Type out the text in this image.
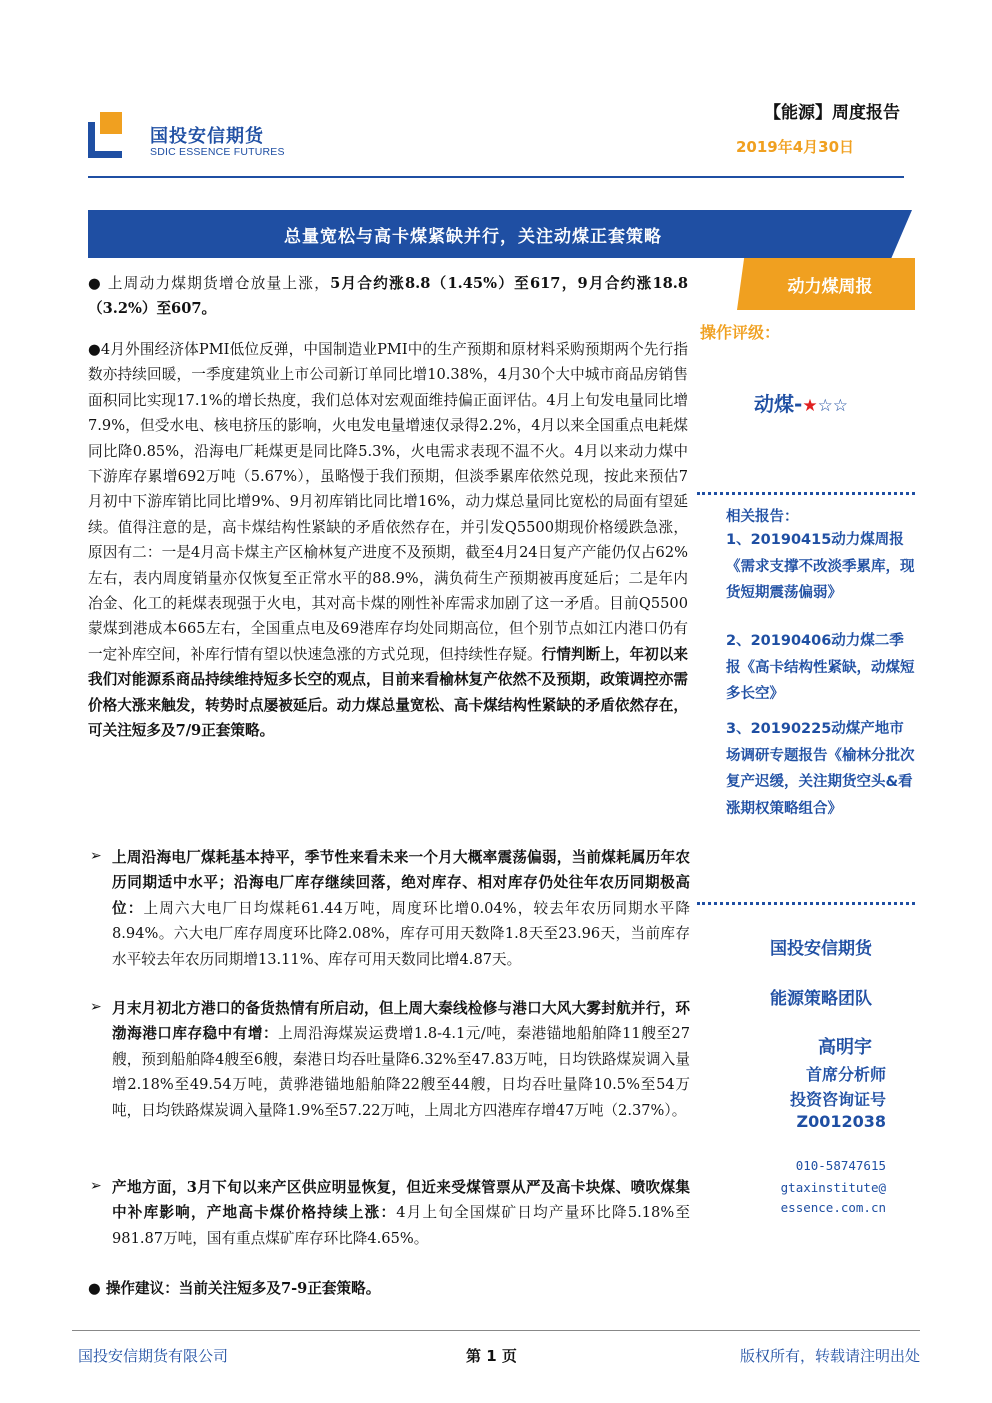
国投安信期货
SDIC ESSENCE FUTURES
【能源】周度报告
2019年4月30日
总量宽松与高卡煤紧缺并行，关注动煤正套策略
动力煤周报
操作评级：
动煤-★☆☆
相关报告：
1、20190415动力煤周报《需求支撑不改淡季累库，现货短期震荡偏弱》
2、20190406动力煤二季报《高卡结构性紧缺，动煤短多长空》
3、20190225动煤产地市场调研专题报告《榆林分批次复产迟缓，关注期货空头&看涨期权策略组合》
国投安信期货
能源策略团队
高明宇
首席分析师
投资咨询证号
Z0012038
010-58747615
gtaxinstitute@
essence.com.cn
● 上周动力煤期货增仓放量上涨，5月合约涨8.8（1.45%）至617，9月合约涨18.8（3.2%）至607。
●4月外围经济体PMI低位反弹，中国制造业PMI中的生产预期和原材料采购预期两个先行指数亦持续回暖，一季度建筑业上市公司新订单同比增10.38%，4月30个大中城市商品房销售面积同比实现17.1%的增长热度，我们总体对宏观面维持偏正面评估。4月上旬发电量同比增7.9%，但受水电、核电挤压的影响，火电发电量增速仅录得2.2%，4月以来全国重点电耗煤同比降0.85%，沿海电厂耗煤更是同比降5.3%，火电需求表现不温不火。4月以来动力煤中下游库存累增692万吨（5.67%），虽略慢于我们预期，但淡季累库依然兑现，按此来预估7月初中下游库销比同比增9%、9月初库销比同比增16%，动力煤总量同比宽松的局面有望延续。值得注意的是，高卡煤结构性紧缺的矛盾依然存在，并引发Q5500期现价格缓跌急涨，原因有二：一是4月高卡煤主产区榆林复产进度不及预期，截至4月24日复产产能仍仅占62%左右，表内周度销量亦仅恢复至正常水平的88.9%，满负荷生产预期被再度延后；二是年内冶金、化工的耗煤表现强于火电，其对高卡煤的刚性补库需求加剧了这一矛盾。目前Q5500蒙煤到港成本665左右，全国重点电及69港库存均处同期高位，但个别节点如江内港口仍有一定补库空间，补库行情有望以快速急涨的方式兑现，但持续性存疑。行情判断上，年初以来我们对能源系商品持续维持短多长空的观点，目前来看榆林复产依然不及预期，政策调控亦需价格大涨来触发，转势时点屡被延后。动力煤总量宽松、高卡煤结构性紧缺的矛盾依然存在，可关注短多及7/9正套策略。
➢ 上周沿海电厂煤耗基本持平，季节性来看未来一个月大概率震荡偏弱，当前煤耗属历年农历同期适中水平；沿海电厂库存继续回落，绝对库存、相对库存仍处往年农历同期极高位：上周六大电厂日均煤耗61.44万吨，周度环比增0.04%，较去年农历同期水平降8.94%。六大电厂库存周度环比降2.08%，库存可用天数降1.8天至23.96天，当前库存水平较去年农历同期增13.11%、库存可用天数同比增4.87天。
➢ 月末月初北方港口的备货热情有所启动，但上周大秦线检修与港口大风大雾封航并行，环渤海港口库存稳中有增：上周沿海煤炭运费增1.8-4.1元/吨，秦港锚地船舶降11艘至27艘，预到船舶降4艘至6艘，秦港日均吞吐量降6.32%至47.83万吨，日均铁路煤炭调入量增2.18%至49.54万吨，黄骅港锚地船舶降22艘至44艘，日均吞吐量降10.5%至54万吨，日均铁路煤炭调入量降1.9%至57.22万吨，上周北方四港库存增47万吨（2.37%）。
➢ 产地方面，3月下旬以来产区供应明显恢复，但近来受煤管票从严及高卡块煤、喷吹煤集中补库影响，产地高卡煤价格持续上涨：4月上旬全国煤矿日均产量环比降5.18%至981.87万吨，国有重点煤矿库存环比降4.65%。
● 操作建议：当前关注短多及7-9正套策略。
国投安信期货有限公司	第 1 页	版权所有，转载请注明出处
